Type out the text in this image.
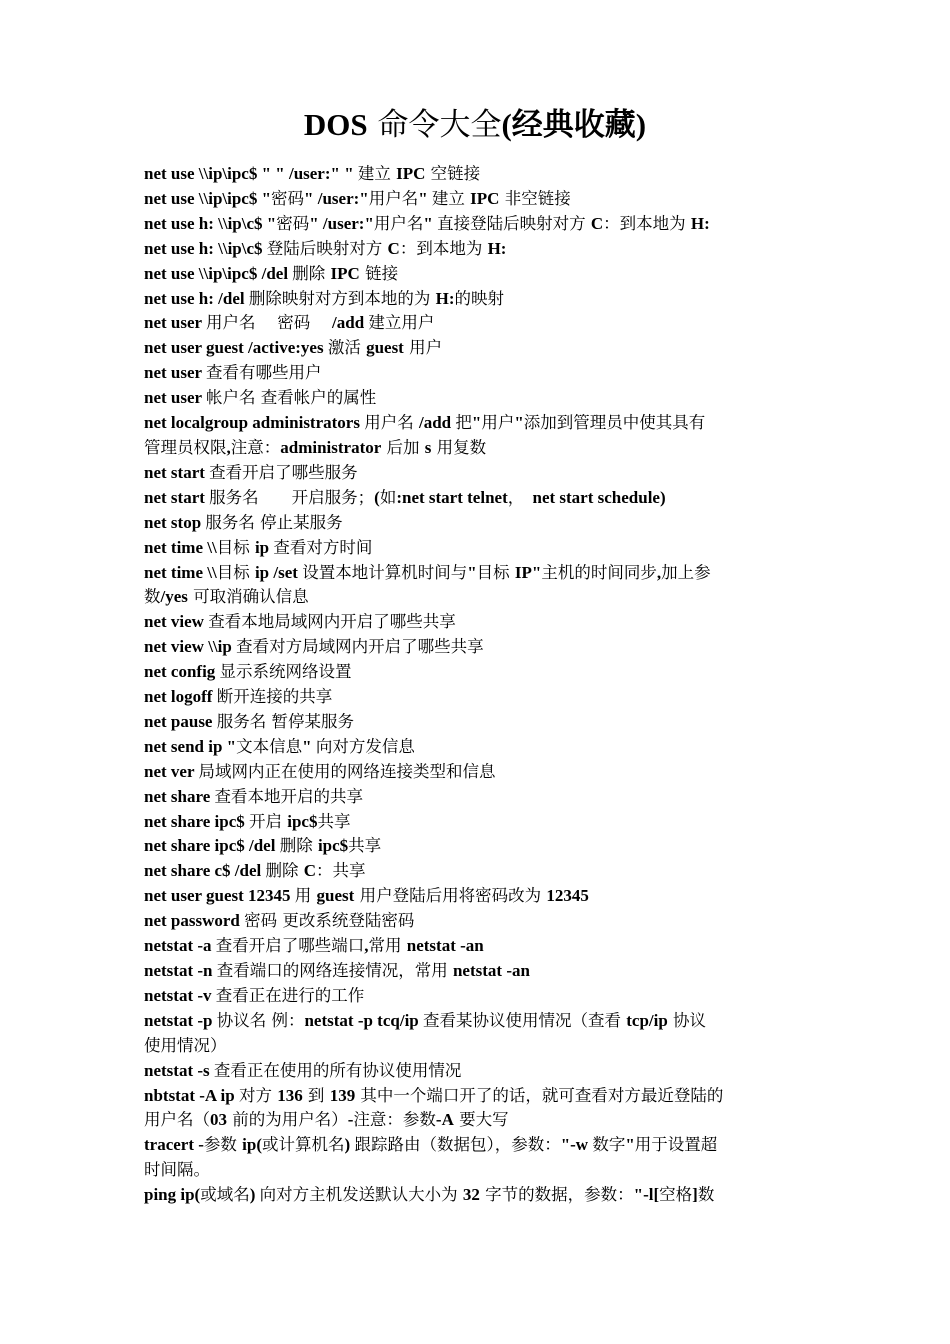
DOS 命令大全(经典收藏)
net use \\ip\ipc$ " " /user:" " 建立 IPC 空链接
net use \\ip\ipc$ "密码" /user:"用户名" 建立 IPC 非空链接
net use h: \\ip\c$ "密码" /user:"用户名" 直接登陆后映射对方 C：到本地为 H:
net use h: \\ip\c$ 登陆后映射对方 C：到本地为 H:
net use \\ip\ipc$ /del 删除 IPC 链接
net use h: /del 删除映射对方到本地的为 H:的映射
net user 用户名　 密码　 /add 建立用户
net user guest /active:yes 激活 guest 用户
net user 查看有哪些用户
net user 帐户名 查看帐户的属性
net localgroup administrators 用户名 /add 把"用户"添加到管理员中使其具有
管理员权限,注意：administrator 后加 s 用复数
net start 查看开启了哪些服务
net start 服务名　　开启服务；(如:net start telnet，　net start schedule)
net stop 服务名 停止某服务
net time \\目标 ip 查看对方时间
net time \\目标 ip /set 设置本地计算机时间与"目标 IP"主机的时间同步,加上参
数/yes 可取消确认信息
net view 查看本地局域网内开启了哪些共享
net view \\ip 查看对方局域网内开启了哪些共享
net config 显示系统网络设置
net logoff 断开连接的共享
net pause 服务名 暂停某服务
net send ip "文本信息" 向对方发信息
net ver 局域网内正在使用的网络连接类型和信息
net share 查看本地开启的共享
net share ipc$ 开启 ipc$共享
net share ipc$ /del 删除 ipc$共享
net share c$ /del 删除 C：共享
net user guest 12345 用 guest 用户登陆后用将密码改为 12345
net password 密码 更改系统登陆密码
netstat -a 查看开启了哪些端口,常用 netstat -an
netstat -n 查看端口的网络连接情况，常用 netstat -an
netstat -v 查看正在进行的工作
netstat -p 协议名 例：netstat -p tcq/ip 查看某协议使用情况（查看 tcp/ip 协议
使用情况）
netstat -s 查看正在使用的所有协议使用情况
nbtstat -A ip 对方 136 到 139 其中一个端口开了的话，就可查看对方最近登陆的
用户名（03 前的为用户名）-注意：参数-A 要大写
tracert -参数 ip(或计算机名) 跟踪路由（数据包），参数："-w 数字"用于设置超
时间隔。
ping ip(或域名) 向对方主机发送默认大小为 32 字节的数据，参数："-l[空格]数
